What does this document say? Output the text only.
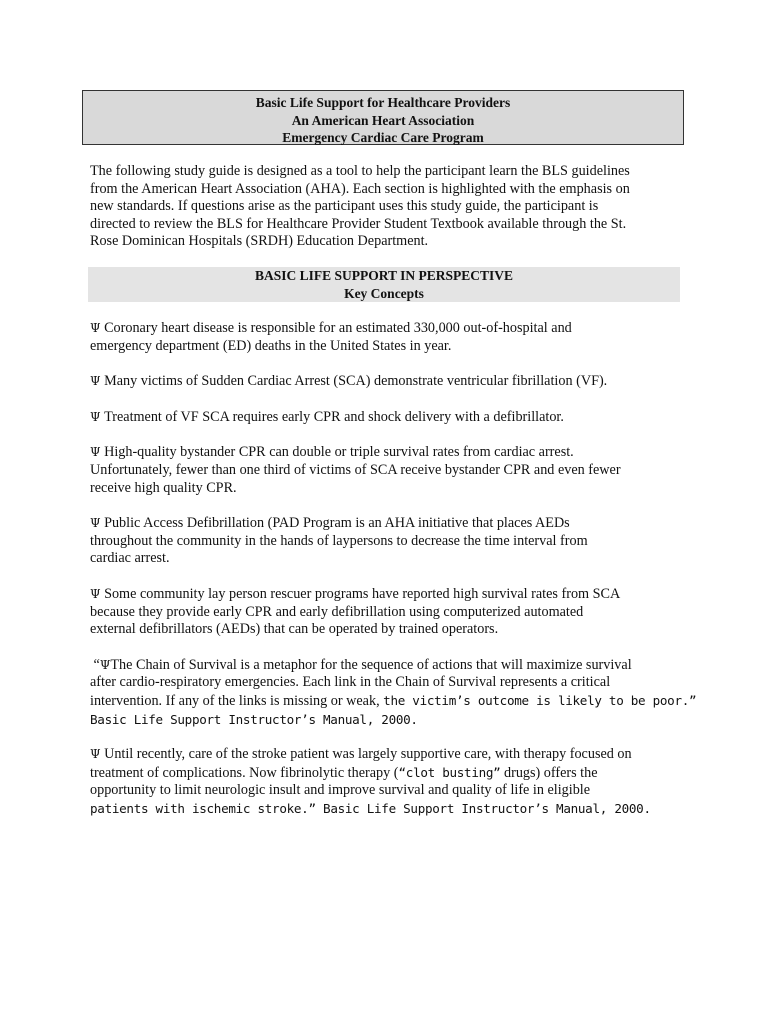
Basic Life Support for Healthcare Providers
An American Heart Association
Emergency Cardiac Care Program
The following study guide is designed as a tool to help the participant learn the BLS guidelines
from the American Heart Association (AHA). Each section is highlighted with the emphasis on
new standards. If questions arise as the participant uses this study guide, the participant is
directed to review the BLS for Healthcare Provider Student Textbook available through the St.
Rose Dominican Hospitals (SRDH) Education Department.
BASIC LIFE SUPPORT IN PERSPECTIVE
Key Concepts
Ψ Coronary heart disease is responsible for an estimated 330,000 out-of-hospital and
emergency department (ED) deaths in the United States in year.
Ψ Many victims of Sudden Cardiac Arrest (SCA) demonstrate ventricular fibrillation (VF).
Ψ Treatment of VF SCA requires early CPR and shock delivery with a defibrillator.
Ψ High-quality bystander CPR can double or triple survival rates from cardiac arrest.
Unfortunately, fewer than one third of victims of SCA receive bystander CPR and even fewer
receive high quality CPR.
Ψ Public Access Defibrillation (PAD Program is an AHA initiative that places AEDs
throughout the community in the hands of laypersons to decrease the time interval from
cardiac arrest.
Ψ Some community lay person rescuer programs have reported high survival rates from SCA
because they provide early CPR and early defibrillation using computerized automated
external defibrillators (AEDs) that can be operated by trained operators.
“ΨThe Chain of Survival is a metaphor for the sequence of actions that will maximize survival
after cardio-respiratory emergencies. Each link in the Chain of Survival represents a critical
intervention. If any of the links is missing or weak, the victim’s outcome is likely to be poor.”
Basic Life Support Instructor’s Manual, 2000.
Ψ Until recently, care of the stroke patient was largely supportive care, with therapy focused on
treatment of complications. Now fibrinolytic therapy (“clot busting” drugs) offers the
opportunity to limit neurologic insult and improve survival and quality of life in eligible
patients with ischemic stroke.” Basic Life Support Instructor’s Manual, 2000.
